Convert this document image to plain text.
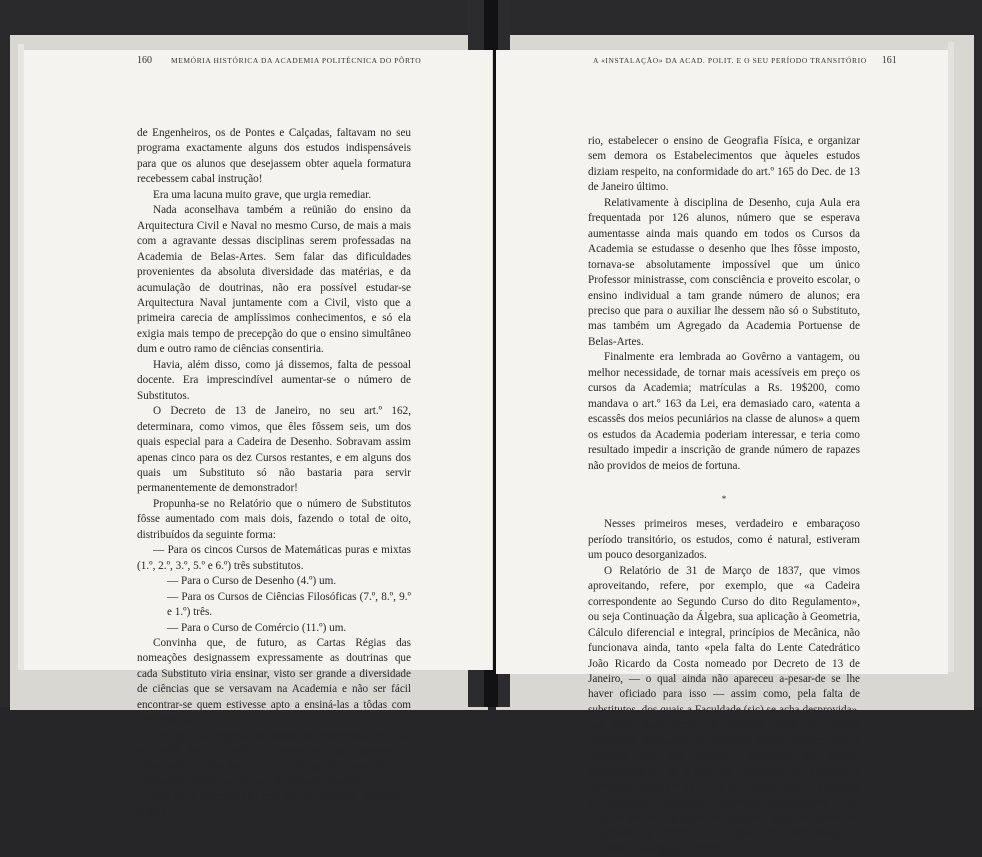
160	MEMÓRIA HISTÓRICA DA ACADEMIA POLITÉCNICA DO PÔRTO	A «INSTALAÇÃO» DA ACAD. POLIT. E O SEU PERÍODO TRANSITÓRIO 161

de Engenheiros, os de Pontes e Calçadas, faltavam no seu programa exactamente alguns dos estudos indispensáveis para que os alunos que desejassem obter aquela formatura recebessem cabal instrução!

Era uma lacuna muito grave, que urgia remediar.

Nada aconselhava também a reünião do ensino da Arquitectura Civil e Naval no mesmo Curso, de mais a mais com a agravante dessas disciplinas serem professadas na Academia de Belas-Artes. Sem falar das dificuldades provenientes da absoluta diversidade das matérias, e da acumulação de doutrinas, não era possível estudar-se Arquitectura Naval juntamente com a Civil, visto que a primeira carecia de amplíssimos conhecimentos, e só ela exigia mais tempo de precepção do que o ensino simultâneo dum e outro ramo de ciências consentiria.

Havia, além disso, como já dissemos, falta de pessoal docente. Era imprescindível aumentar-se o número de Substitutos.

O Decreto de 13 de Janeiro, no seu art.º 162, determinara, como vimos, que êles fôssem seis, um dos quais especial para a Cadeira de Desenho. Sobravam assim apenas cinco para os dez Cursos restantes, e em alguns dos quais um Substituto só não bastaria para servir permanentemente de demonstrador!

Propunha-se no Relatório que o número de Substitutos fôsse aumentado com mais dois, fazendo o total de oito, distribuídos da seguinte forma:

— Para os cincos Cursos de Matemáticas puras e mixtas (1.º, 2.º, 3.º, 5.º e 6.º) três substitutos.

— Para o Curso de Desenho (4.º) um.

— Para os Cursos de Ciências Filosóficas (7.º, 8.º, 9.º e 1.º) três.

— Para o Curso de Comércio (11.º) um.

Convinha que, de futuro, as Cartas Régias das nomeações designassem expressamente as doutrinas que cada Substituto viria ensinar, visto ser grande a diversidade de ciências que se versavam na Academia e não ser fácil encontrar-se quem estivesse apto a ensiná-las a tôdas com proficiência.

Pelo que diz respeito ao estudo da Astronomia, êste não se podia fazer a sério enquanto se não reparasse o Observatório, visto que, por deficiências de construção, era impossível realizar-se ali uma observação exacta!

Quanto a Ciências Naturais era de utilidade, segundo o Relató-

rio, estabelecer o ensino de Geografia Física, e organizar sem demora os Estabelecimentos que àqueles estudos diziam respeito, na conformidade do art.º 165 do Dec. de 13 de Janeiro último.

Relativamente à disciplina de Desenho, cuja Aula era frequentada por 126 alunos, número que se esperava aumentasse ainda mais quando em todos os Cursos da Academia se estudasse o desenho que lhes fôsse imposto, tornava-se absolutamente impossível que um único Professor ministrasse, com consciência e proveito escolar, o ensino individual a tam grande número de alunos; era preciso que para o auxiliar lhe dessem não só o Substituto, mas também um Agregado da Academia Portuense de Belas-Artes.

Finalmente era lembrada ao Govêrno a vantagem, ou melhor necessidade, de tornar mais acessíveis em preço os cursos da Academia; matrículas a Rs. 19$200, como mandava o art.º 163 da Lei, era demasiado caro, «atenta a escassês dos meios pecuniários na classe de alunos» a quem os estudos da Academia poderiam interessar, e teria como resultado impedir a inscrição de grande número de rapazes não providos de meios de fortuna.

*

Nesses primeiros meses, verdadeiro e embaraçoso período transitório, os estudos, como é natural, estiveram um pouco desorganizados.

O Relatório de 31 de Março de 1837, que vimos aproveitando, refere, por exemplo, que «a Cadeira correspondente ao Segundo Curso do dito Regulamento», ou seja Continuação da Álgebra, sua aplicação à Geometria, Cálculo diferencial e integral, princípios de Mecânica, não funcionava ainda, tanto «pela falta do Lente Catedrático João Ricardo da Costa nomeado por Decreto de 13 de Janeiro, — o qual ainda não apareceu a-pesar-de se lhe haver oficiado para isso — assim como, pela falta de substitutos, dos quais a Faculdade (sic) se acha desprovida». Isto «não pode deixar de sentir-se, visto que muitos Estudantes destinados ao Segundo Curso ficaram sem a instrução por êles desejada, enquanto que outros, aproveitando-se da prática da Academia de Marinha e Comércio, passaram do 1.º ao 5.º Curso», (isto é, passaram de Aritmética, Geometria Elementar, Trigonometria Plana, Álgebra até às equações do segundo grau ao estudo de Trigonometria Esférica, princípios de Astronomia, de Geodesia, Navegação Teórica
